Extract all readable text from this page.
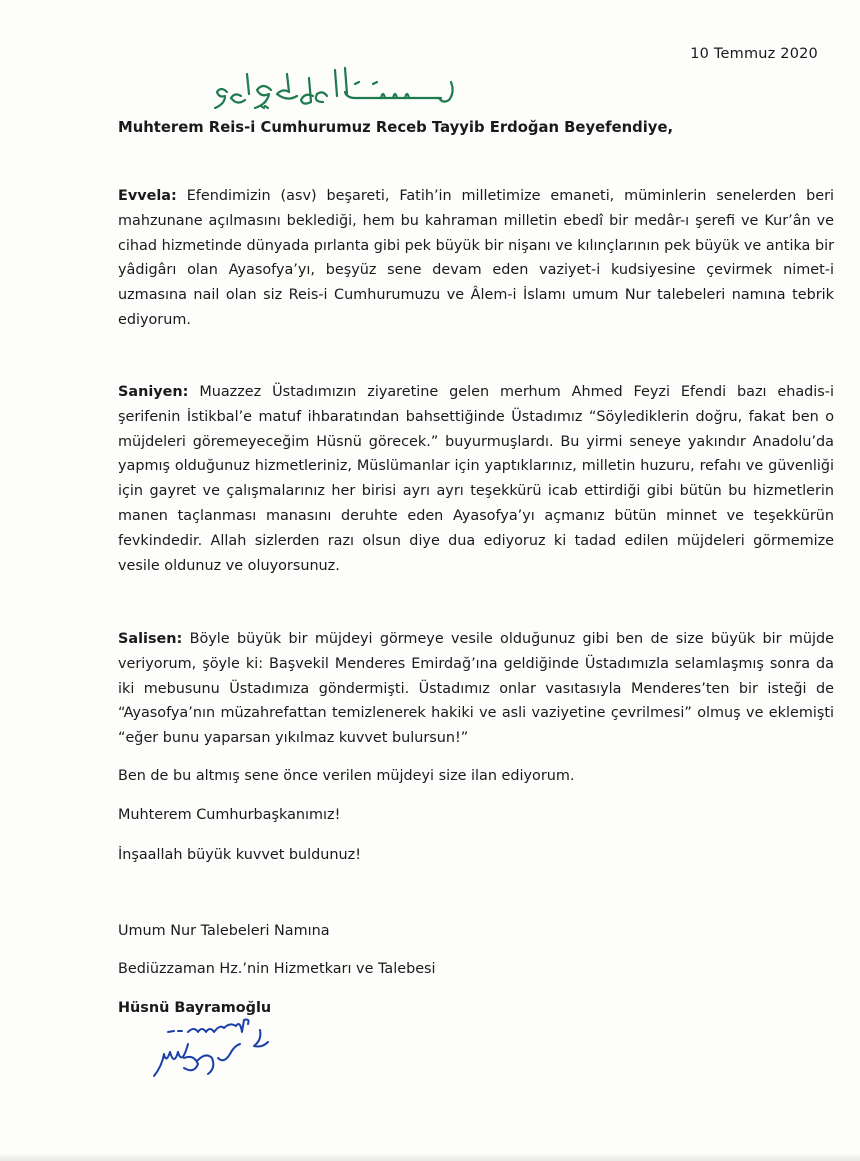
10 Temmuz 2020
Muhterem Reis-i Cumhurumuz Receb Tayyib Erdoğan Beyefendiye,
Evvela: Efendimizin (asv) beşareti, Fatih’in milletimize emaneti, müminlerin senelerden beri mahzunane açılmasını beklediği, hem bu kahraman milletin ebedî bir medâr-ı şerefi ve Kur’ân ve cihad hizmetinde dünyada pırlanta gibi pek büyük bir nişanı ve kılınçlarının pek büyük ve antika bir yâdigârı olan Ayasofya’yı, beşyüz sene devam eden vaziyet-i kudsiyesine çevirmek nimet-i uzmasına nail olan siz Reis-i Cumhurumuzu ve Âlem-i İslamı umum Nur talebeleri namına tebrik ediyorum.
Saniyen: Muazzez Üstadımızın ziyaretine gelen merhum Ahmed Feyzi Efendi bazı ehadis-i şerifenin İstikbal’e matuf ihbaratından bahsettiğinde Üstadımız “Söylediklerin doğru, fakat ben o müjdeleri göremeyeceğim Hüsnü görecek.” buyurmuşlardı. Bu yirmi seneye yakındır Anadolu’da yapmış olduğunuz hizmetleriniz, Müslümanlar için yaptıklarınız, milletin huzuru, refahı ve güvenliği için gayret ve çalışmalarınız her birisi ayrı ayrı teşekkürü icab ettirdiği gibi bütün bu hizmetlerin manen taçlanması manasını deruhte eden Ayasofya’yı açmanız bütün minnet ve teşekkürün fevkindedir. Allah sizlerden razı olsun diye dua ediyoruz ki tadad edilen müjdeleri görmemize vesile oldunuz ve oluyorsunuz.
Salisen: Böyle büyük bir müjdeyi görmeye vesile olduğunuz gibi ben de size büyük bir müjde veriyorum, şöyle ki: Başvekil Menderes Emirdağ’ına geldiğinde Üstadımızla selamlaşmış sonra da iki mebusunu Üstadımıza göndermişti. Üstadımız onlar vasıtasıyla Menderes’ten bir isteği de “Ayasofya’nın müzahrefattan temizlenerek hakiki ve asli vaziyetine çevrilmesi” olmuş ve eklemişti “eğer bunu yaparsan yıkılmaz kuvvet bulursun!”
Ben de bu altmış sene önce verilen müjdeyi size ilan ediyorum.
Muhterem Cumhurbaşkanımız!
İnşaallah büyük kuvvet buldunuz!
Umum Nur Talebeleri Namına
Bediüzzaman Hz.’nin Hizmetkarı ve Talebesi
Hüsnü Bayramoğlu
